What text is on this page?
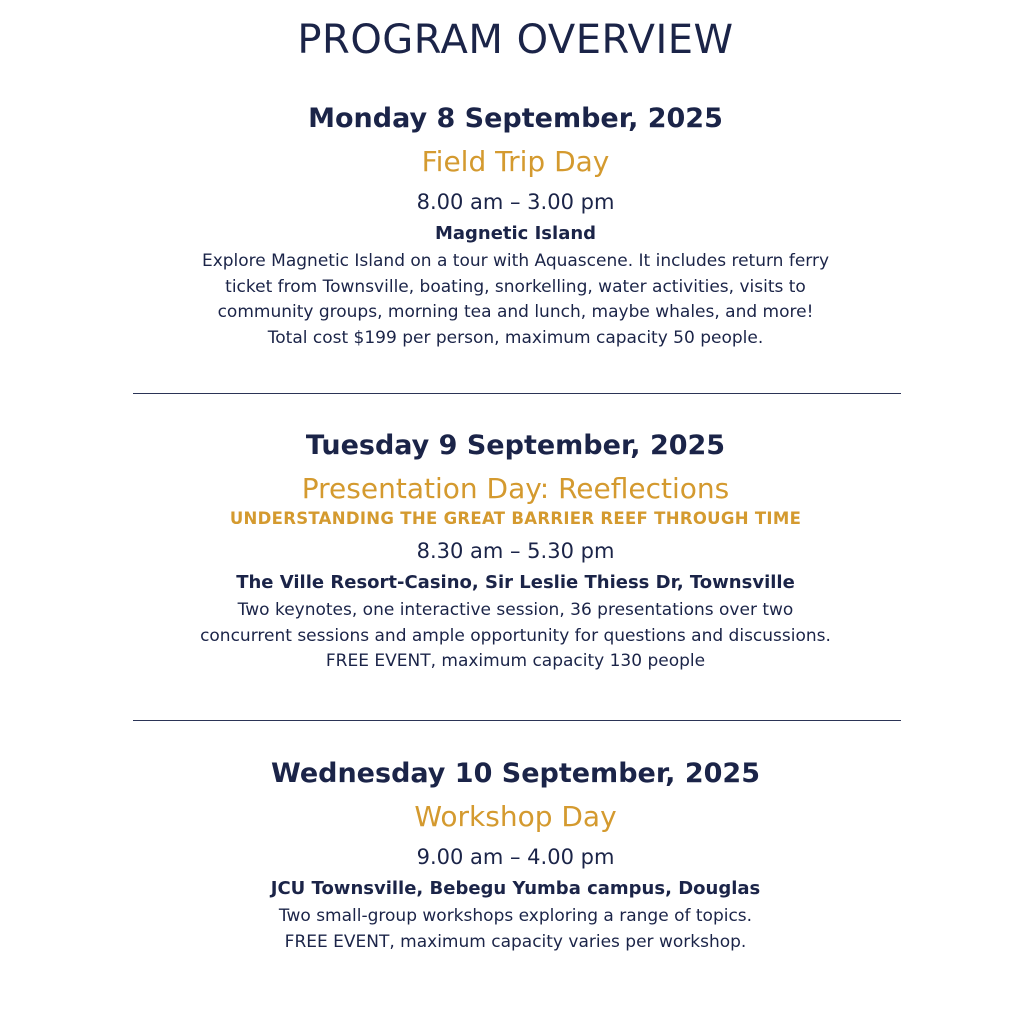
PROGRAM OVERVIEW
Monday 8 September, 2025
Field Trip Day
8.00 am – 3.00 pm
Magnetic Island
Explore Magnetic Island on a tour with Aquascene. It includes return ferry
ticket from Townsville, boating, snorkelling, water activities, visits to
community groups, morning tea and lunch, maybe whales, and more!
Total cost $199 per person, maximum capacity 50 people.
Tuesday 9 September, 2025
Presentation Day: Reeflections
UNDERSTANDING THE GREAT BARRIER REEF THROUGH TIME
8.30 am – 5.30 pm
The Ville Resort-Casino, Sir Leslie Thiess Dr, Townsville
Two keynotes, one interactive session, 36 presentations over two
concurrent sessions and ample opportunity for questions and discussions.
FREE EVENT, maximum capacity 130 people
Wednesday 10 September, 2025
Workshop Day
9.00 am – 4.00 pm
JCU Townsville, Bebegu Yumba campus, Douglas
Two small-group workshops exploring a range of topics.
FREE EVENT, maximum capacity varies per workshop.
